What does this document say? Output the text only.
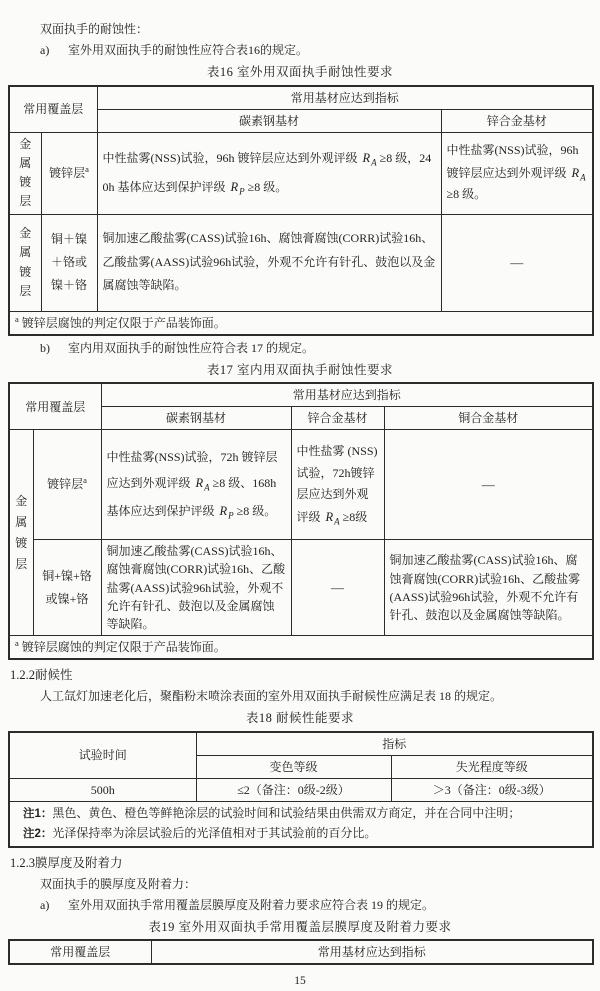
双面执手的耐蚀性：

a) 室外用双面执手的耐蚀性应符合表16的规定。

表16 室外用双面执手耐蚀性要求

常用覆盖层		常用基材应达到指标	
		碳素钢基材	锌合金基材
金属镀层	镀锌层$^a$	中性盐雾(NSS)试验，96h 镀锌层应达到外观评级 $R_A \ge 8$ 级，240h 基体应达到保护评级 $R_P \ge 8$ 级。	中性盐雾(NSS)试验，96h镀锌层应达到外观评级 $R_A \ge 8$ 级。
金属镀层	铜＋镍＋铬或镍＋铬	铜加速乙酸盐雾(CASS)试验16h、腐蚀膏腐蚀(CORR)试验16h、乙酸盐雾(AASS)试验96h试验，外观不允许有针孔、鼓泡以及金属腐蚀等缺陷。	—
$^a$ 镀锌层腐蚀的判定仅限于产品装饰面。			

b) 室内用双面执手的耐蚀性应符合表 17 的规定。

表17 室内用双面执手耐蚀性要求

常用覆盖层		常用基材应达到指标		
		碳素钢基材	锌合金基材	铜合金基材
金属镀层	镀锌层$^a$	中性盐雾(NSS)试验，72h 镀锌层应达到外观评级 $R_A \ge 8$ 级、168h 基体应达到保护评级 $R_P \ge 8$ 级。	中性盐雾 (NSS)试验，72h镀锌层应达到外观评级 $R_A \ge 8$级	—
	铜+镍+铬或镍+铬	铜加速乙酸盐雾(CASS)试验16h、腐蚀膏腐蚀(CORR)试验16h、乙酸盐雾(AASS)试验96h试验，外观不允许有针孔、鼓泡以及金属腐蚀等缺陷。	—	铜加速乙酸盐雾(CASS)试验16h、腐蚀膏腐蚀(CORR)试验16h、乙酸盐雾(AASS)试验96h试验，外观不允许有针孔、鼓泡以及金属腐蚀等缺陷。
$^a$ 镀锌层腐蚀的判定仅限于产品装饰面。				

1.2.2耐候性

人工氙灯加速老化后，聚酯粉末喷涂表面的室外用双面执手耐候性应满足表 18 的规定。

表18 耐候性能要求

试验时间	指标	
	变色等级	失光程度等级
500h	≤2（备注：0级-2级）	＞3（备注：0级-3级）

注1：黑色、黄色、橙色等鲜艳涂层的试验时间和试验结果由供需双方商定，并在合同中注明；
注2：光泽保持率为涂层试验后的光泽值相对于其试验前的百分比。		

1.2.3膜厚度及附着力

双面执手的膜厚度及附着力：

a) 室外用双面执手常用覆盖层膜厚度及附着力要求应符合表 19 的规定。

表19 室外用双面执手常用覆盖层膜厚度及附着力要求

常用覆盖层	常用基材应达到指标

15
